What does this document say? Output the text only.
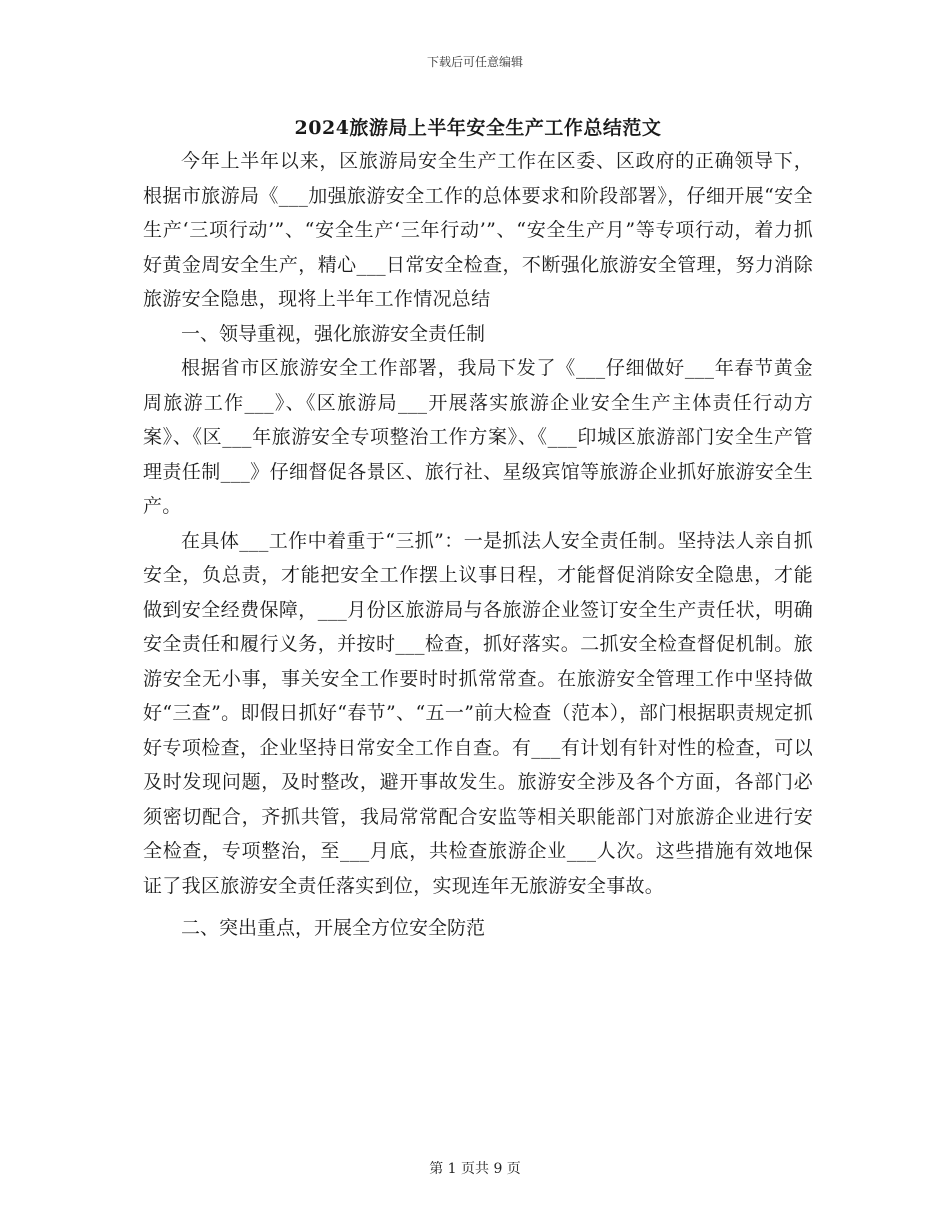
下载后可任意编辑
2024旅游局上半年安全生产工作总结范文

今年上半年以来，区旅游局安全生产工作在区委、区政府的正确领导下，根据市旅游局《___加强旅游安全工作的总体要求和阶段部署》，仔细开展“安全生产‘三项行动’”、“安全生产‘三年行动’”、“安全生产月”等专项行动，着力抓好黄金周安全生产，精心___日常安全检查，不断强化旅游安全管理，努力消除旅游安全隐患，现将上半年工作情况总结

一、领导重视，强化旅游安全责任制

根据省市区旅游安全工作部署，我局下发了《___仔细做好___年春节黄金周旅游工作___》、《区旅游局___开展落实旅游企业安全生产主体责任行动方案》、《区___年旅游安全专项整治工作方案》、《___印城区旅游部门安全生产管理责任制___》仔细督促各景区、旅行社、星级宾馆等旅游企业抓好旅游安全生产。

在具体___工作中着重于“三抓”：一是抓法人安全责任制。坚持法人亲自抓安全，负总责，才能把安全工作摆上议事日程，才能督促消除安全隐患，才能做到安全经费保障，___月份区旅游局与各旅游企业签订安全生产责任状，明确安全责任和履行义务，并按时___检查，抓好落实。二抓安全检查督促机制。旅游安全无小事，事关安全工作要时时抓常常查。在旅游安全管理工作中坚持做好“三查”。即假日抓好“春节”、“五一”前大检查（范本），部门根据职责规定抓好专项检查，企业坚持日常安全工作自查。有___有计划有针对性的检查，可以及时发现问题，及时整改，避开事故发生。旅游安全涉及各个方面，各部门必须密切配合，齐抓共管，我局常常配合安监等相关职能部门对旅游企业进行安全检查，专项整治，至___月底，共检查旅游企业___人次。这些措施有效地保证了我区旅游安全责任落实到位，实现连年无旅游安全事故。

二、突出重点，开展全方位安全防范

第 1 页共 9 页
